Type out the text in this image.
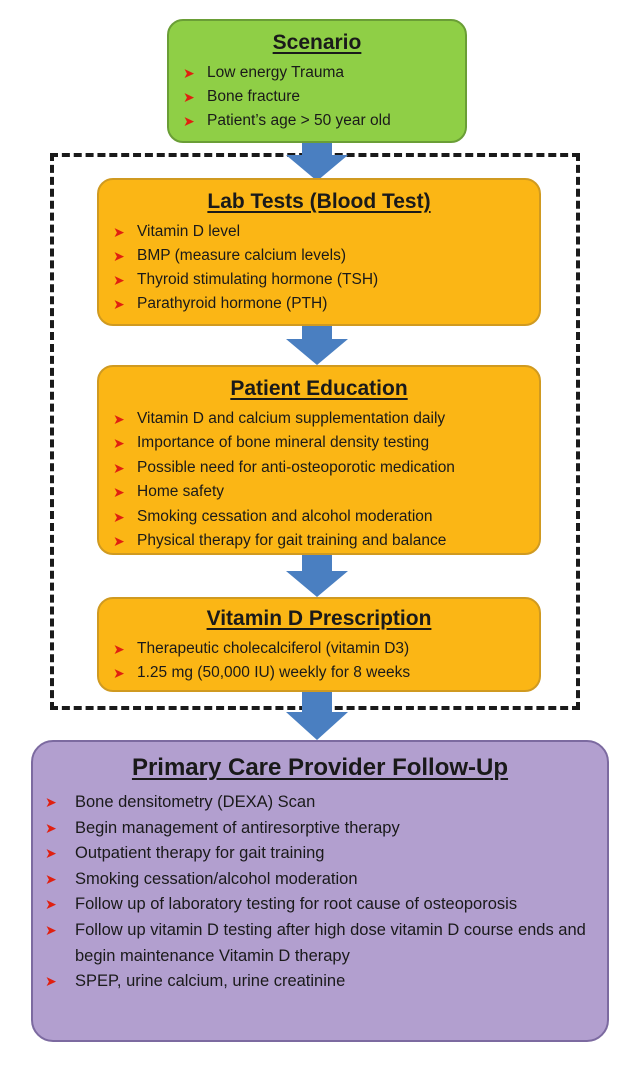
Scenario
➤ Low energy Trauma
➤ Bone fracture
➤ Patient’s age > 50 year old
Lab Tests (Blood Test)
➤ Vitamin D level
➤ BMP (measure calcium levels)
➤ Thyroid stimulating hormone (TSH)
➤ Parathyroid hormone (PTH)
Patient Education
➤ Vitamin D and calcium supplementation daily
➤ Importance of bone mineral density testing
➤ Possible need for anti-osteoporotic medication
➤ Home safety
➤ Smoking cessation and alcohol moderation
➤ Physical therapy for gait training and balance
Vitamin D Prescription
➤ Therapeutic cholecalciferol (vitamin D3)
➤ 1.25 mg (50,000 IU) weekly for 8 weeks
Primary Care Provider Follow-Up
➤ Bone densitometry (DEXA) Scan
➤ Begin management of antiresorptive therapy
➤ Outpatient therapy for gait training
➤ Smoking cessation/alcohol moderation
➤ Follow up of laboratory testing for root cause of osteoporosis
➤ Follow up vitamin D testing after high dose vitamin D course ends and begin maintenance Vitamin D therapy
➤ SPEP, urine calcium, urine creatinine
